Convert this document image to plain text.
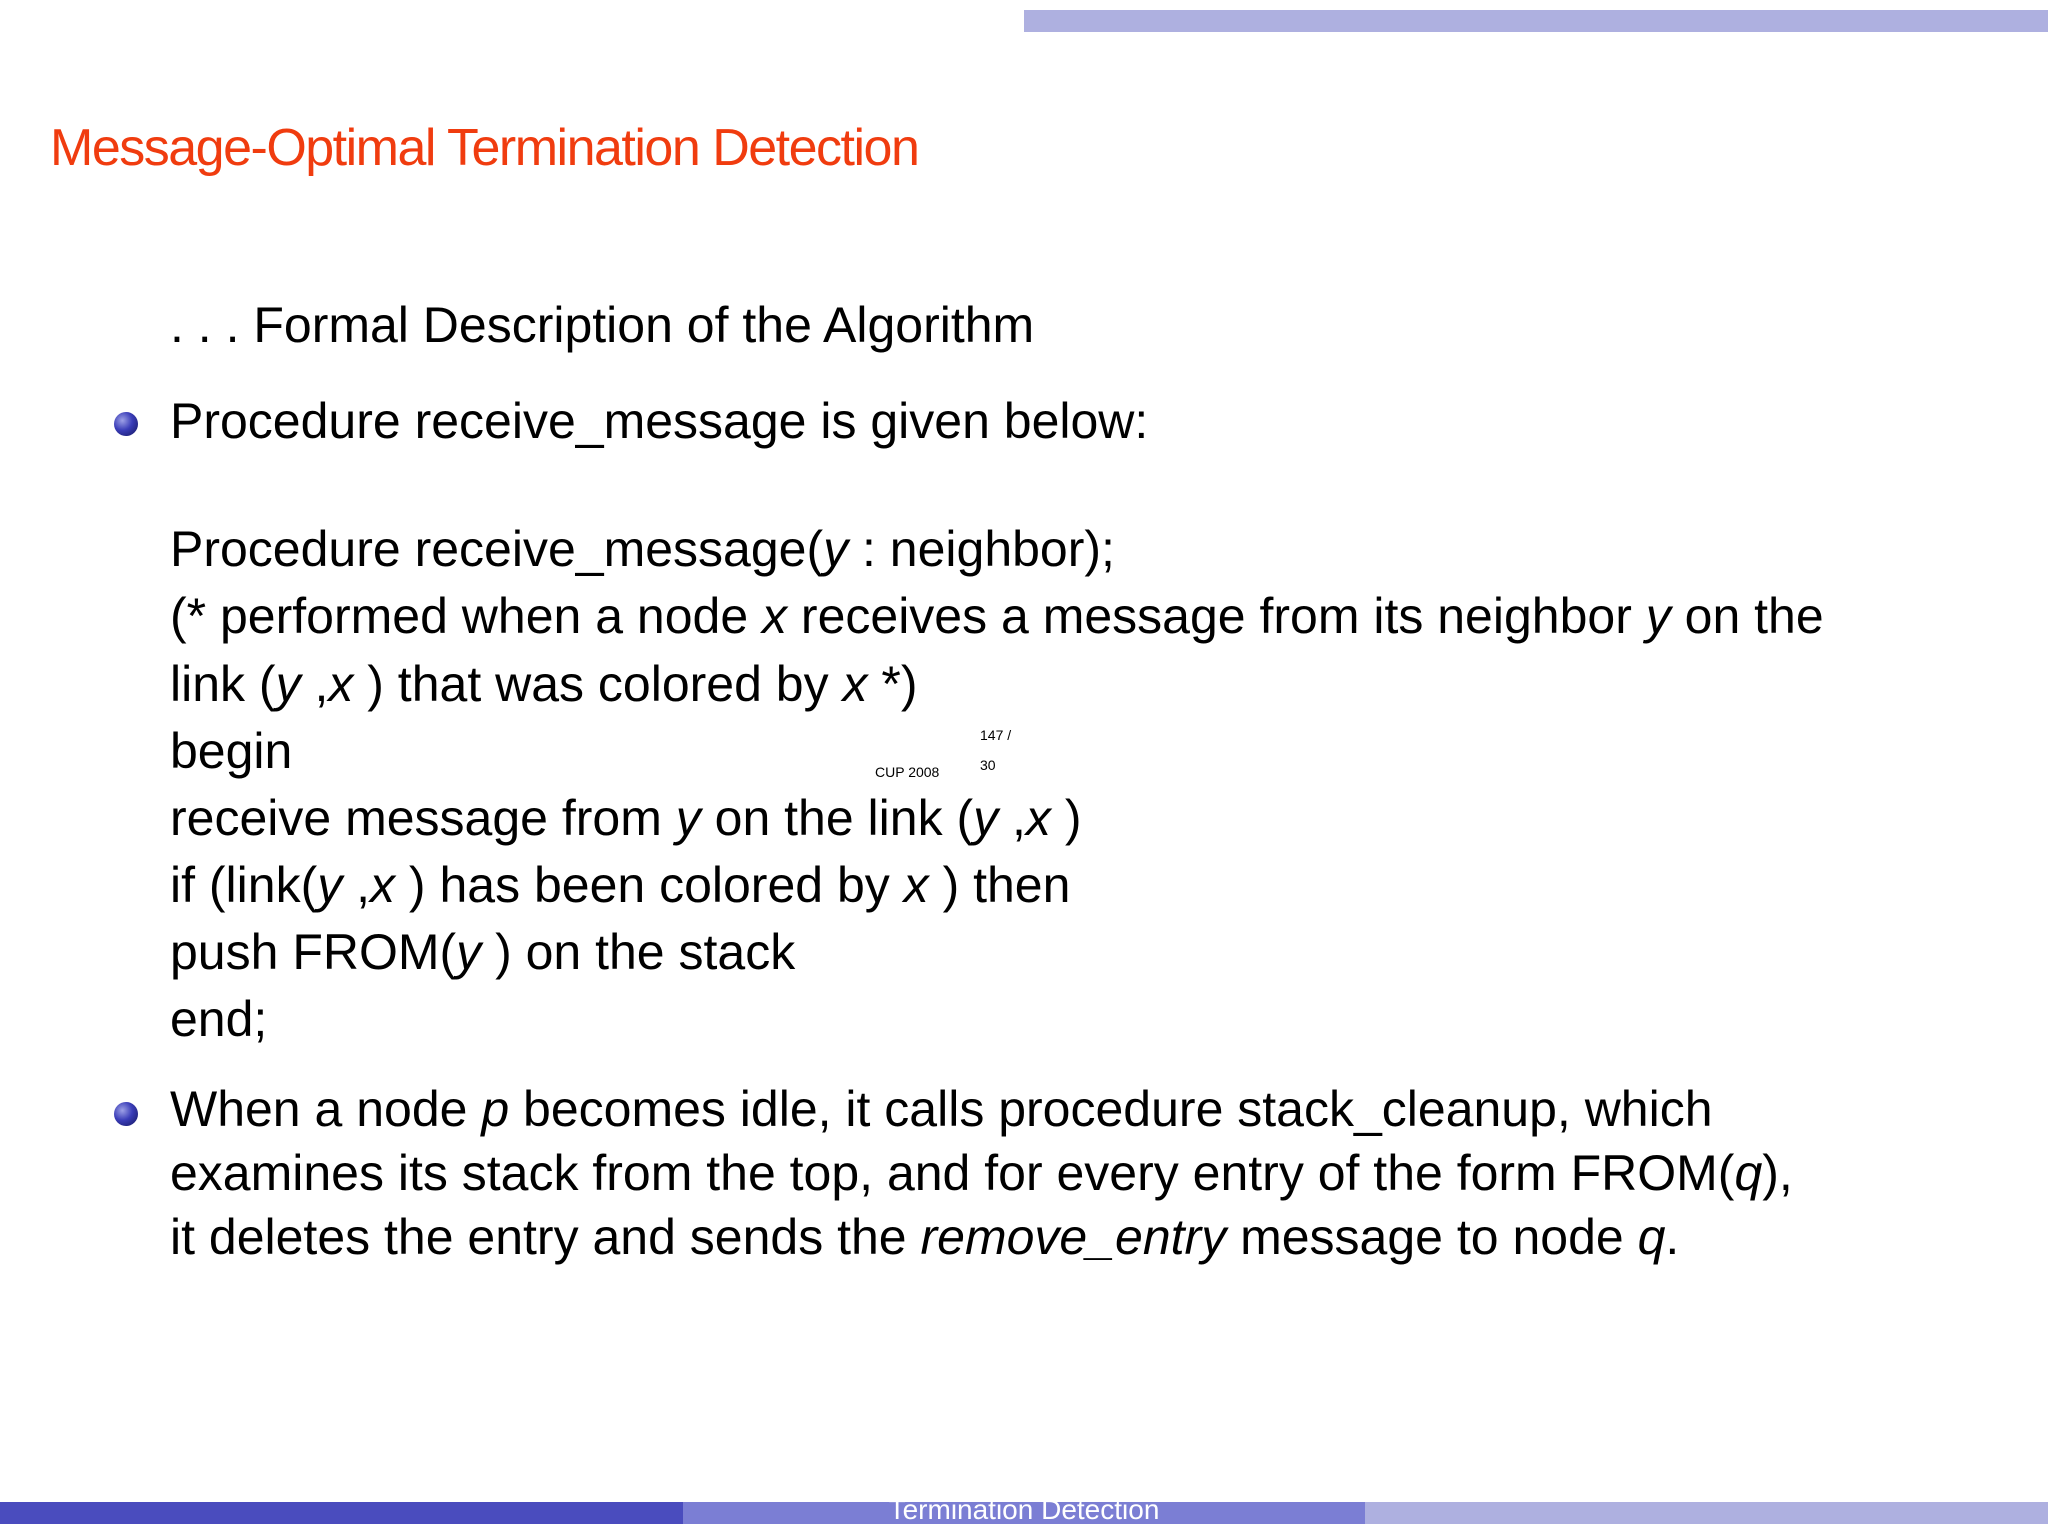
Message-Optimal Termination Detection
. . . Formal Description of the Algorithm
Procedure receive_message is given below:
Procedure receive_message(y : neighbor);
(* performed when a node x receives a message from its neighbor y on the
link (y ,x ) that was colored by x *)
begin
receive message from y on the link (y ,x )
if (link(y ,x ) has been colored by x ) then
push FROM(y ) on the stack
end;
When a node p becomes idle, it calls procedure stack_cleanup, which
examines its stack from the top, and for every entry of the form FROM(q),
it deletes the entry and sends the remove_entry message to node q.
CUP 2008
147 /
30
Termination Detection
